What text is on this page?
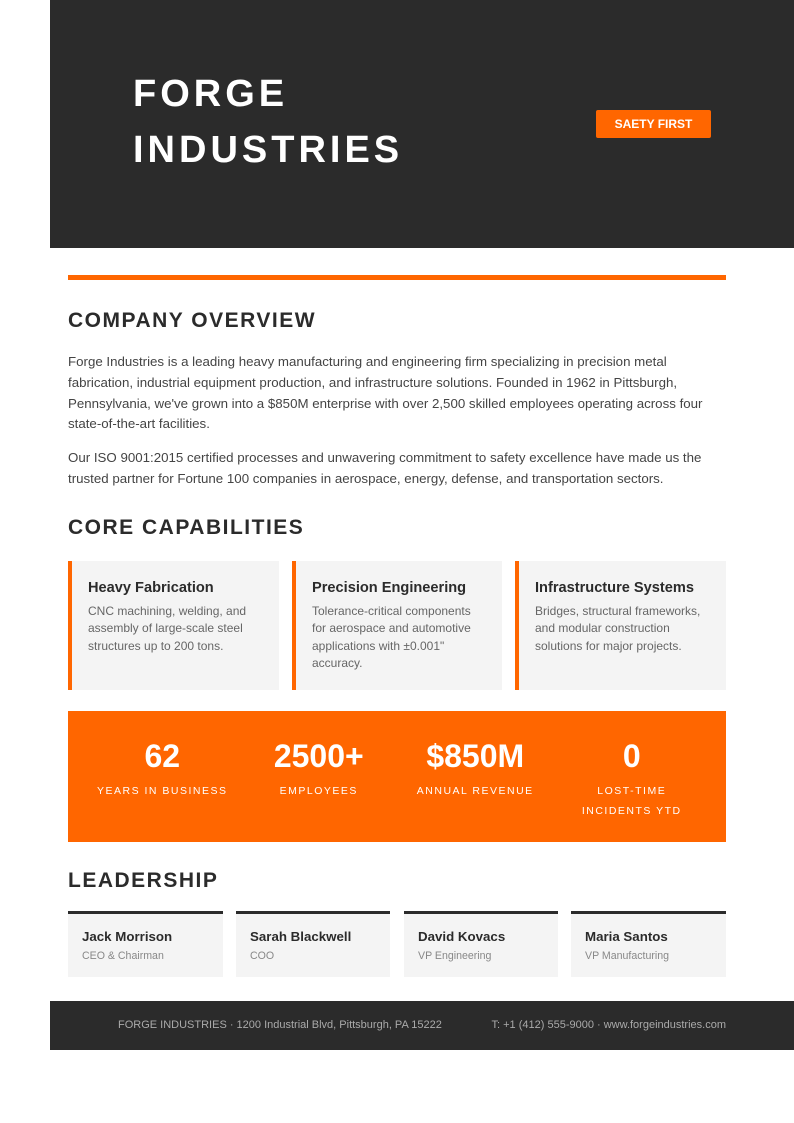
FORGE
INDUSTRIES
SAETY FIRST
COMPANY OVERVIEW

Forge Industries is a leading heavy manufacturing and engineering firm specializing in precision metal fabrication, industrial equipment production, and infrastructure solutions. Founded in 1962 in Pittsburgh, Pennsylvania, we've grown into a $850M enterprise with over 2,500 skilled employees operating across four state-of-the-art facilities.

Our ISO 9001:2015 certified processes and unwavering commitment to safety excellence have made us the trusted partner for Fortune 100 companies in aerospace, energy, defense, and transportation sectors.

CORE CAPABILITIES
Heavy Fabrication
CNC machining, welding, and assembly of large-scale steel structures up to 200 tons.
Precision Engineering
Tolerance-critical components for aerospace and automotive applications with ±0.001" accuracy.
Infrastructure Systems
Bridges, structural frameworks, and modular construction solutions for major projects.
62
YEARS IN BUSINESS
2500+
EMPLOYEES
$850M
ANNUAL REVENUE
0
LOST-TIME INCIDENTS YTD
LEADERSHIP
Jack Morrison
CEO & Chairman
Sarah Blackwell
COO
David Kovacs
VP Engineering
Maria Santos
VP Manufacturing
FORGE INDUSTRIES · 1200 Industrial Blvd, Pittsburgh, PA 15222	T: +1 (412) 555-9000 · www.forgeindustries.com
